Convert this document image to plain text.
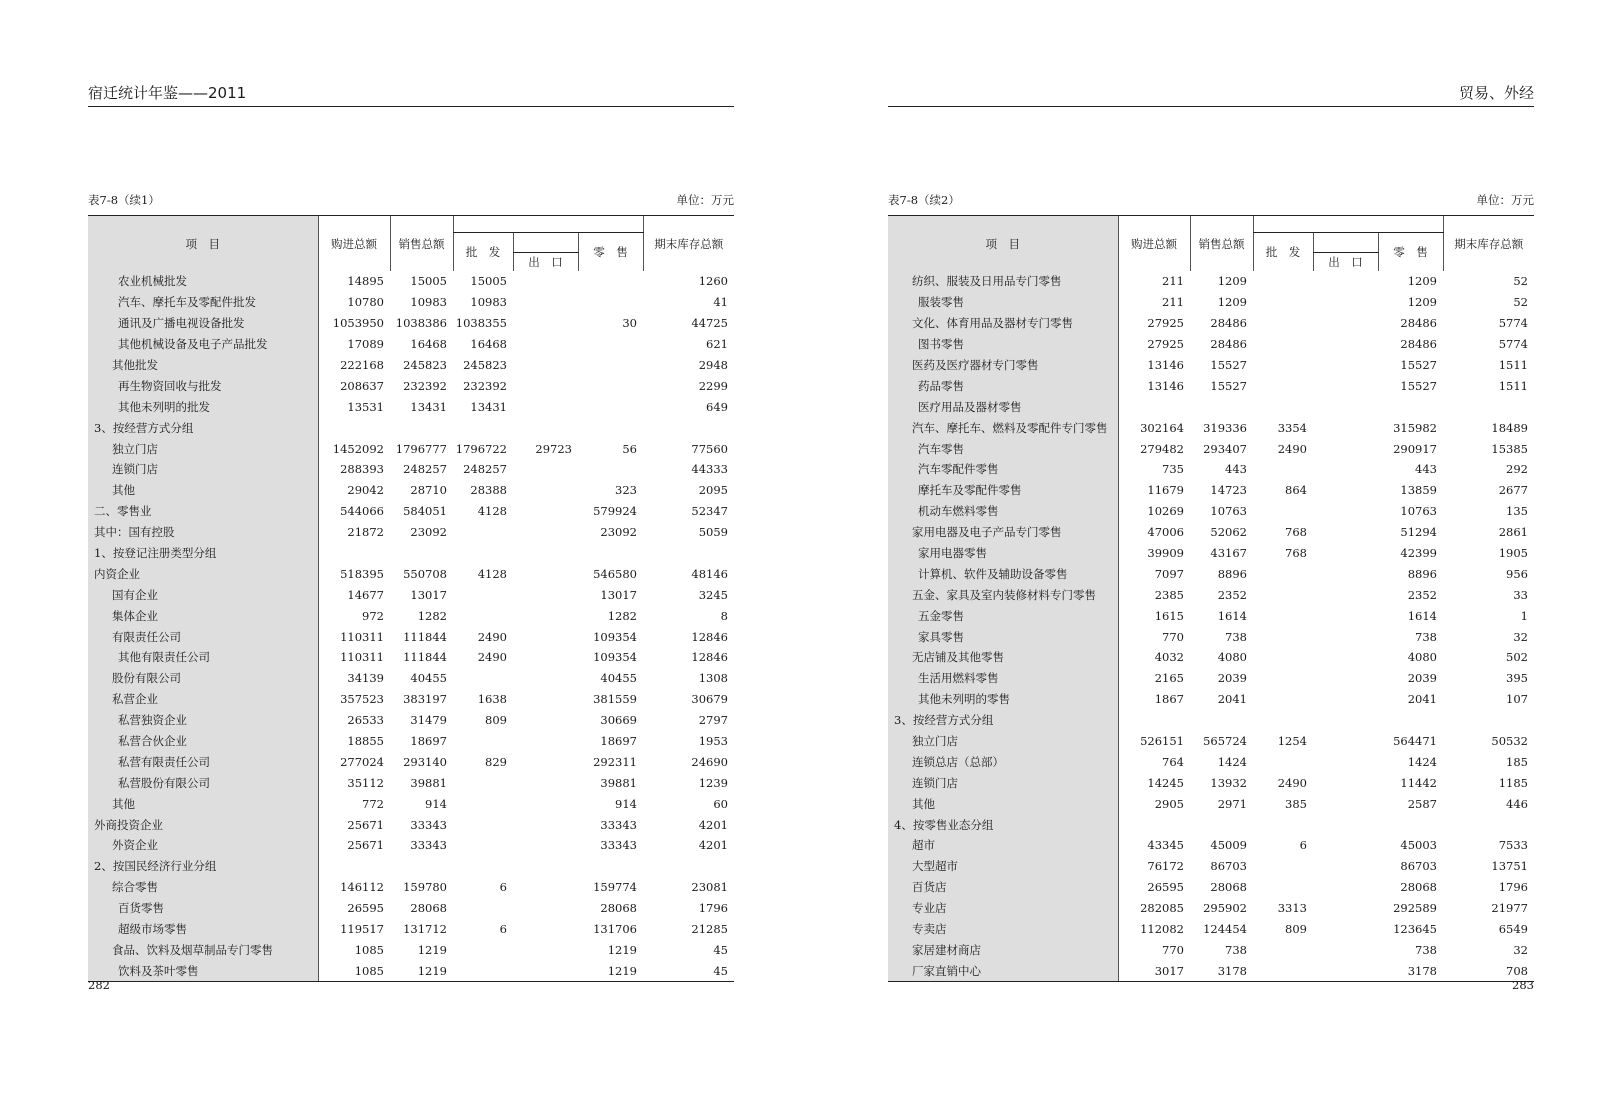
宿迁统计年鉴——2011
表7-8（续1）	单位：万元
项　目	购进总额	销售总额				期末库存总额
			批　发		零　售	
				出　口		
农业机械批发	14895	15005	15005			1260
汽车、摩托车及零配件批发	10780	10983	10983			41
通讯及广播电视设备批发	1053950	1038386	1038355		30	44725
其他机械设备及电子产品批发	17089	16468	16468			621
其他批发	222168	245823	245823			2948
再生物资回收与批发	208637	232392	232392			2299
其他未列明的批发	13531	13431	13431			649
3、按经营方式分组						
独立门店	1452092	1796777	1796722	29723	56	77560
连锁门店	288393	248257	248257			44333
其他	29042	28710	28388		323	2095
二、零售业	544066	584051	4128		579924	52347
其中：国有控股	21872	23092			23092	5059
1、按登记注册类型分组						
内资企业	518395	550708	4128		546580	48146
国有企业	14677	13017			13017	3245
集体企业	972	1282			1282	8
有限责任公司	110311	111844	2490		109354	12846
其他有限责任公司	110311	111844	2490		109354	12846
股份有限公司	34139	40455			40455	1308
私营企业	357523	383197	1638		381559	30679
私营独资企业	26533	31479	809		30669	2797
私营合伙企业	18855	18697			18697	1953
私营有限责任公司	277024	293140	829		292311	24690
私营股份有限公司	35112	39881			39881	1239
其他	772	914			914	60
外商投资企业	25671	33343			33343	4201
外资企业	25671	33343			33343	4201
2、按国民经济行业分组						
综合零售	146112	159780	6		159774	23081
百货零售	26595	28068			28068	1796
超级市场零售	119517	131712	6		131706	21285
食品、饮料及烟草制品专门零售	1085	1219			1219	45
饮料及茶叶零售	1085	1219			1219	45
282
贸易、外经
表7-8（续2）	单位：万元
项　目	购进总额	销售总额				期末库存总额
			批　发		零　售	
				出　口		
纺织、服装及日用品专门零售	211	1209			1209	52
服装零售	211	1209			1209	52
文化、体育用品及器材专门零售	27925	28486			28486	5774
图书零售	27925	28486			28486	5774
医药及医疗器材专门零售	13146	15527			15527	1511
药品零售	13146	15527			15527	1511
医疗用品及器材零售						
汽车、摩托车、燃料及零配件专门零售	302164	319336	3354		315982	18489
汽车零售	279482	293407	2490		290917	15385
汽车零配件零售	735	443			443	292
摩托车及零配件零售	11679	14723	864		13859	2677
机动车燃料零售	10269	10763			10763	135
家用电器及电子产品专门零售	47006	52062	768		51294	2861
家用电器零售	39909	43167	768		42399	1905
计算机、软件及辅助设备零售	7097	8896			8896	956
五金、家具及室内装修材料专门零售	2385	2352			2352	33
五金零售	1615	1614			1614	1
家具零售	770	738			738	32
无店铺及其他零售	4032	4080			4080	502
生活用燃料零售	2165	2039			2039	395
其他未列明的零售	1867	2041			2041	107
3、按经营方式分组						
独立门店	526151	565724	1254		564471	50532
连锁总店（总部）	764	1424			1424	185
连锁门店	14245	13932	2490		11442	1185
其他	2905	2971	385		2587	446
4、按零售业态分组						
超市	43345	45009	6		45003	7533
大型超市	76172	86703			86703	13751
百货店	26595	28068			28068	1796
专业店	282085	295902	3313		292589	21977
专卖店	112082	124454	809		123645	6549
家居建材商店	770	738			738	32
厂家直销中心	3017	3178			3178	708
283
